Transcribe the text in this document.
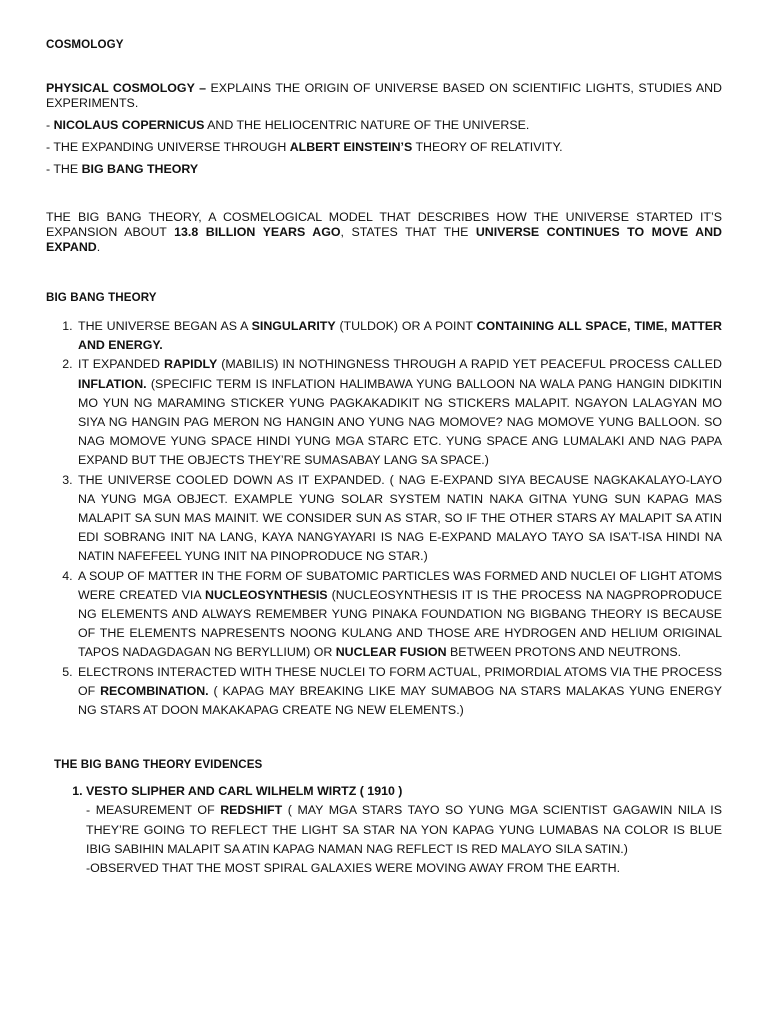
COSMOLOGY

PHYSICAL COSMOLOGY – EXPLAINS THE ORIGIN OF UNIVERSE BASED ON SCIENTIFIC LIGHTS, STUDIES AND EXPERIMENTS.

- NICOLAUS COPERNICUS AND THE HELIOCENTRIC NATURE OF THE UNIVERSE.

- THE EXPANDING UNIVERSE THROUGH ALBERT EINSTEIN’S THEORY OF RELATIVITY.

- THE BIG BANG THEORY

THE BIG BANG THEORY, A COSMELOGICAL MODEL THAT DESCRIBES HOW THE UNIVERSE STARTED IT’S EXPANSION ABOUT 13.8 BILLION YEARS AGO, STATES THAT THE UNIVERSE CONTINUES TO MOVE AND EXPAND.

BIG BANG THEORY

1. THE UNIVERSE BEGAN AS A SINGULARITY (TULDOK) OR A POINT CONTAINING ALL SPACE, TIME, MATTER AND ENERGY.
2. IT EXPANDED RAPIDLY (MABILIS) IN NOTHINGNESS THROUGH A RAPID YET PEACEFUL PROCESS CALLED INFLATION. (SPECIFIC TERM IS INFLATION HALIMBAWA YUNG BALLOON NA WALA PANG HANGIN DIDKITIN MO YUN NG MARAMING STICKER YUNG PAGKAKADIKIT NG STICKERS MALAPIT. NGAYON LALAGYAN MO SIYA NG HANGIN PAG MERON NG HANGIN ANO YUNG NAG MOMOVE? NAG MOMOVE YUNG BALLOON. SO NAG MOMOVE YUNG SPACE HINDI YUNG MGA STARC ETC. YUNG SPACE ANG LUMALAKI AND NAG PAPA EXPAND BUT THE OBJECTS THEY’RE SUMASABAY LANG SA SPACE.)
3. THE UNIVERSE COOLED DOWN AS IT EXPANDED. ( NAG E-EXPAND SIYA BECAUSE NAGKAKALAYO-LAYO NA YUNG MGA OBJECT. EXAMPLE YUNG SOLAR SYSTEM NATIN NAKA GITNA YUNG SUN KAPAG MAS MALAPIT SA SUN MAS MAINIT. WE CONSIDER SUN AS STAR, SO IF THE OTHER STARS AY MALAPIT SA ATIN EDI SOBRANG INIT NA LANG, KAYA NANGYAYARI IS NAG E-EXPAND MALAYO TAYO SA ISA’T-ISA HINDI NA NATIN NAFEFEEL YUNG INIT NA PINOPRODUCE NG STAR.)
4. A SOUP OF MATTER IN THE FORM OF SUBATOMIC PARTICLES WAS FORMED AND NUCLEI OF LIGHT ATOMS WERE CREATED VIA NUCLEOSYNTHESIS (NUCLEOSYNTHESIS IT IS THE PROCESS NA NAGPROPRODUCE NG ELEMENTS AND ALWAYS REMEMBER YUNG PINAKA FOUNDATION NG BIGBANG THEORY IS BECAUSE OF THE ELEMENTS NAPRESENTS NOONG KULANG AND THOSE ARE HYDROGEN AND HELIUM ORIGINAL TAPOS NADAGDAGAN NG BERYLLIUM) OR NUCLEAR FUSION BETWEEN PROTONS AND NEUTRONS.
5. ELECTRONS INTERACTED WITH THESE NUCLEI TO FORM ACTUAL, PRIMORDIAL ATOMS VIA THE PROCESS OF RECOMBINATION. ( KAPAG MAY BREAKING LIKE MAY SUMABOG NA STARS MALAKAS YUNG ENERGY NG STARS AT DOON MAKAKAPAG CREATE NG NEW ELEMENTS.)

THE BIG BANG THEORY EVIDENCES

1. VESTO SLIPHER AND CARL WILHELM WIRTZ ( 1910 )
- MEASUREMENT OF REDSHIFT ( MAY MGA STARS TAYO SO YUNG MGA SCIENTIST GAGAWIN NILA IS THEY’RE GOING TO REFLECT THE LIGHT SA STAR NA YON KAPAG YUNG LUMABAS NA COLOR IS BLUE IBIG SABIHIN MALAPIT SA ATIN KAPAG NAMAN NAG REFLECT IS RED MALAYO SILA SATIN.)
-OBSERVED THAT THE MOST SPIRAL GALAXIES WERE MOVING AWAY FROM THE EARTH.
